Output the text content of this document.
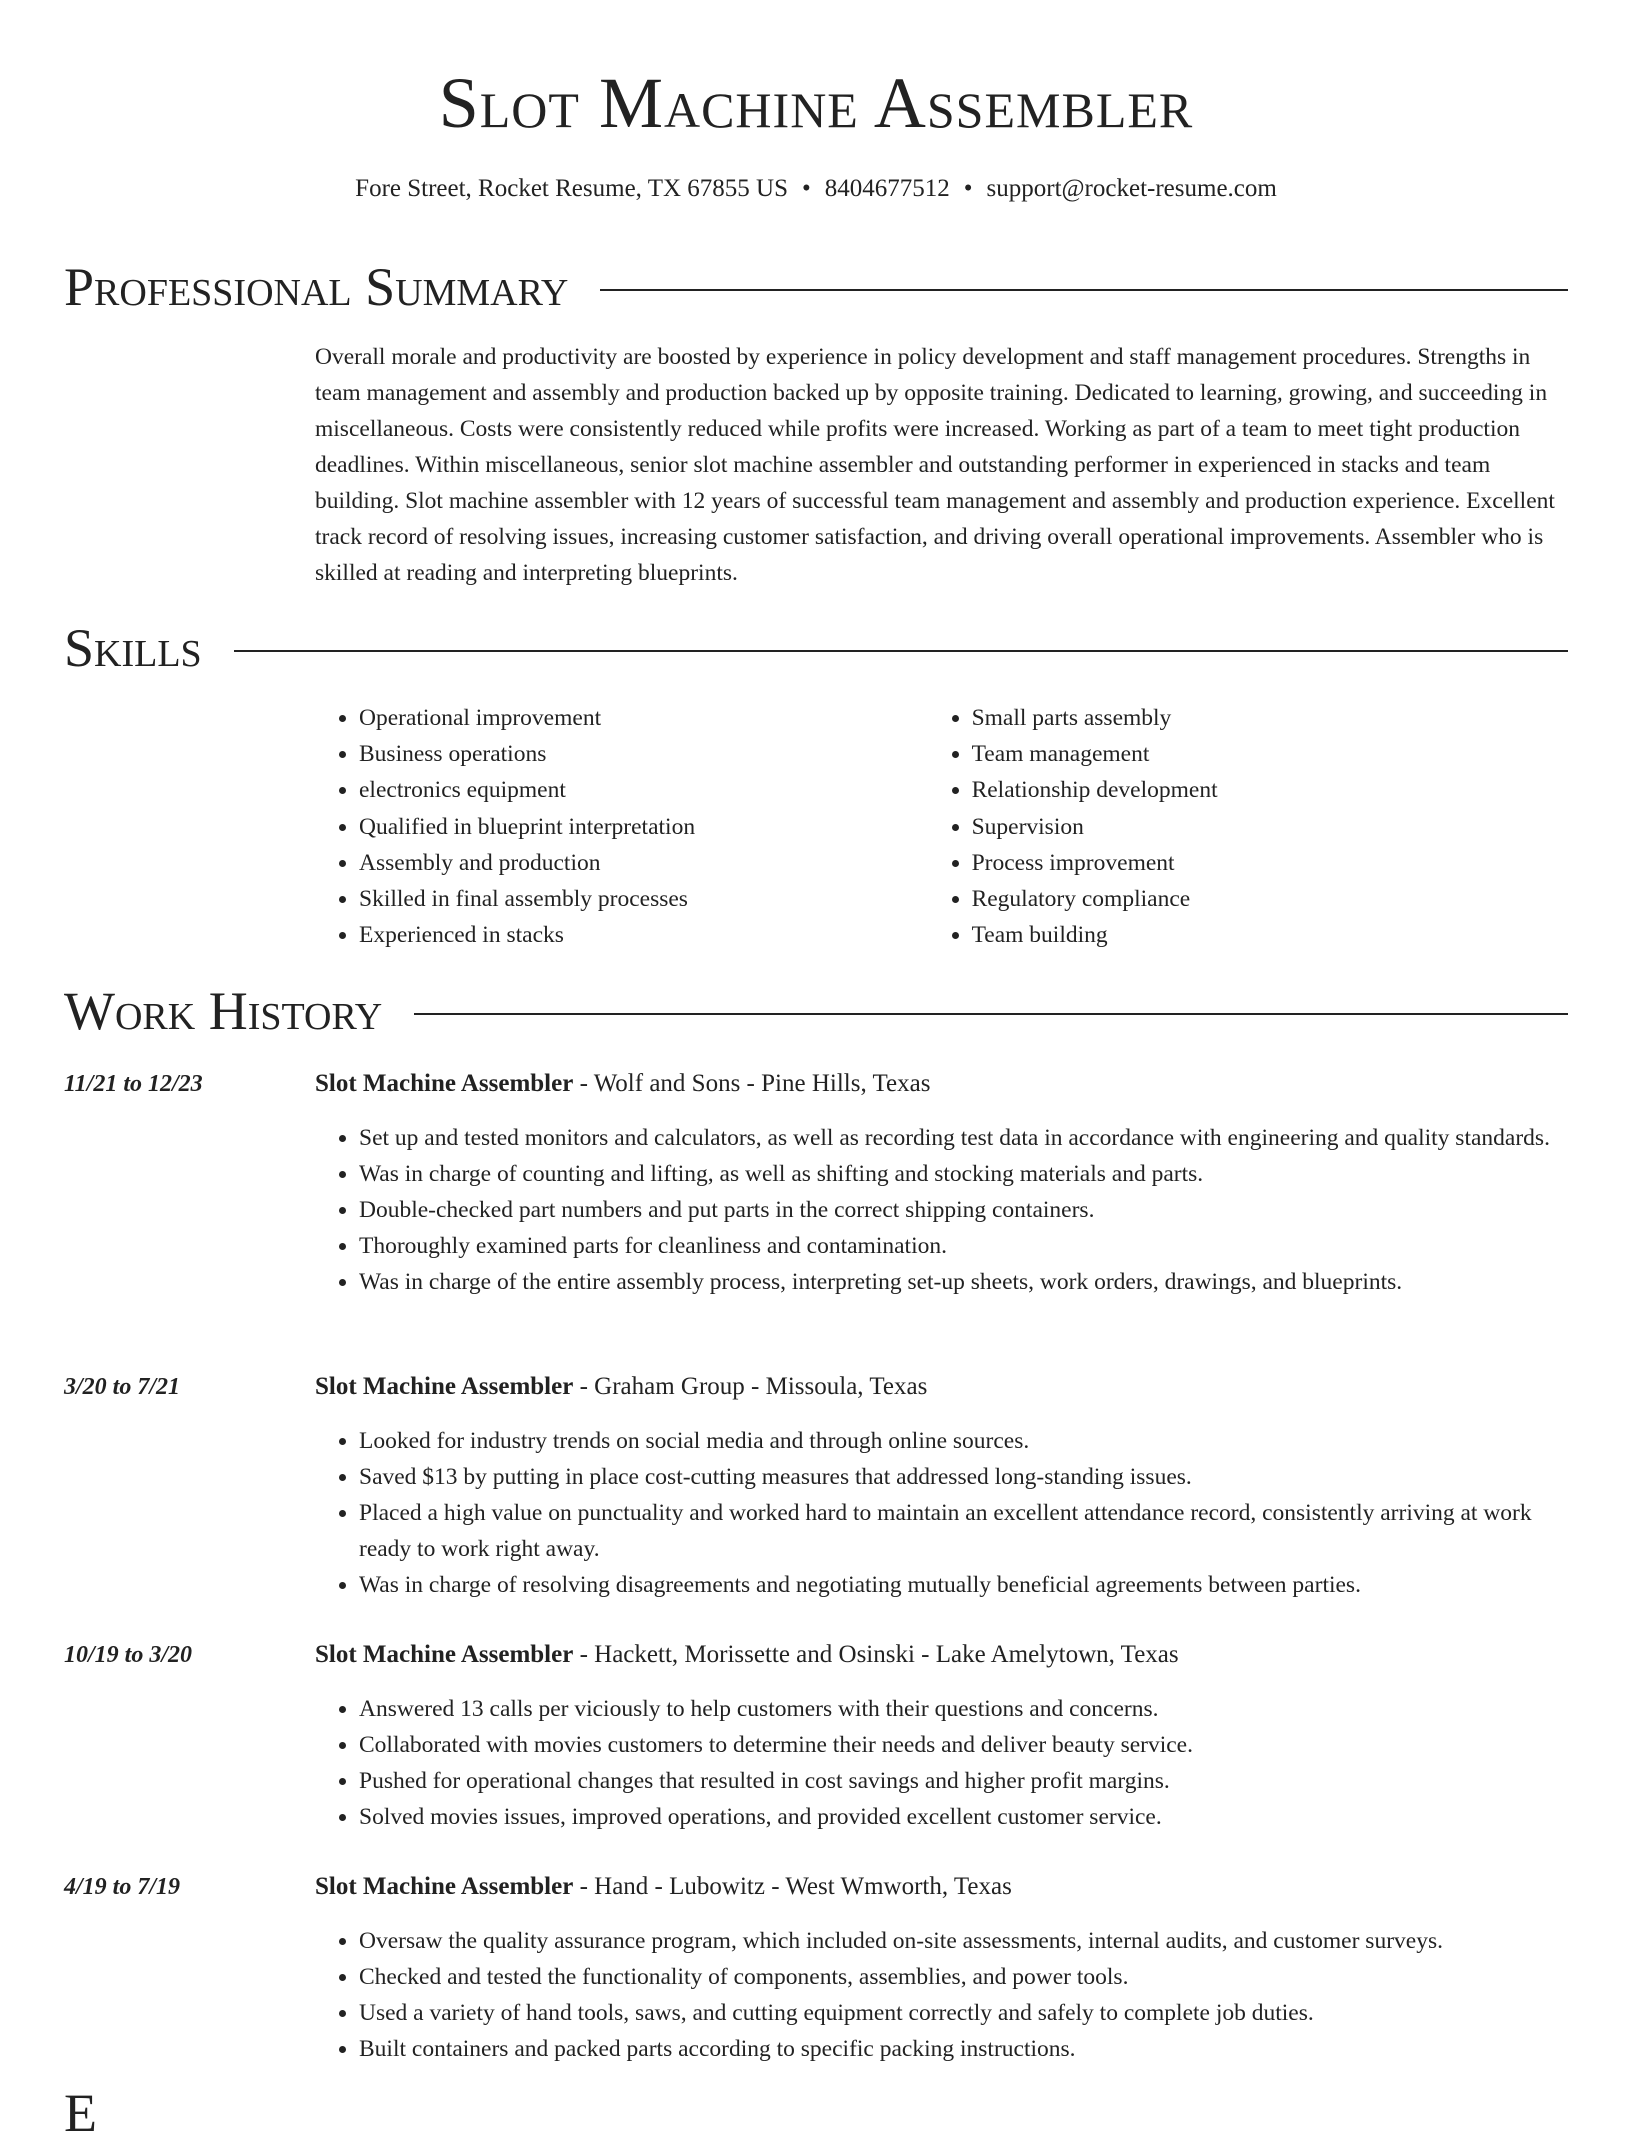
Slot Machine Assembler
Fore Street, Rocket Resume, TX 67855 US • 8404677512 • support@rocket-resume.com
Professional Summary
Overall morale and productivity are boosted by experience in policy development and staff management procedures. Strengths in team management and assembly and production backed up by opposite training. Dedicated to learning, growing, and succeeding in miscellaneous. Costs were consistently reduced while profits were increased. Working as part of a team to meet tight production deadlines. Within miscellaneous, senior slot machine assembler and outstanding performer in experienced in stacks and team building. Slot machine assembler with 12 years of successful team management and assembly and production experience. Excellent track record of resolving issues, increasing customer satisfaction, and driving overall operational improvements. Assembler who is skilled at reading and interpreting blueprints.
Skills
• Operational improvement
• Business operations
• electronics equipment
• Qualified in blueprint interpretation
• Assembly and production
• Skilled in final assembly processes
• Experienced in stacks
• Small parts assembly
• Team management
• Relationship development
• Supervision
• Process improvement
• Regulatory compliance
• Team building
Work History
11/21 to 12/23	Slot Machine Assembler - Wolf and Sons - Pine Hills, Texas
• Set up and tested monitors and calculators, as well as recording test data in accordance with engineering and quality standards.
• Was in charge of counting and lifting, as well as shifting and stocking materials and parts.
• Double-checked part numbers and put parts in the correct shipping containers.
• Thoroughly examined parts for cleanliness and contamination.
• Was in charge of the entire assembly process, interpreting set-up sheets, work orders, drawings, and blueprints.
3/20 to 7/21	Slot Machine Assembler - Graham Group - Missoula, Texas
• Looked for industry trends on social media and through online sources.
• Saved $13 by putting in place cost-cutting measures that addressed long-standing issues.
• Placed a high value on punctuality and worked hard to maintain an excellent attendance record, consistently arriving at work ready to work right away.
• Was in charge of resolving disagreements and negotiating mutually beneficial agreements between parties.
10/19 to 3/20	Slot Machine Assembler - Hackett, Morissette and Osinski - Lake Amelytown, Texas
• Answered 13 calls per viciously to help customers with their questions and concerns.
• Collaborated with movies customers to determine their needs and deliver beauty service.
• Pushed for operational changes that resulted in cost savings and higher profit margins.
• Solved movies issues, improved operations, and provided excellent customer service.
4/19 to 7/19	Slot Machine Assembler - Hand - Lubowitz - West Wmworth, Texas
• Oversaw the quality assurance program, which included on-site assessments, internal audits, and customer surveys.
• Checked and tested the functionality of components, assemblies, and power tools.
• Used a variety of hand tools, saws, and cutting equipment correctly and safely to complete job duties.
• Built containers and packed parts according to specific packing instructions.
E
